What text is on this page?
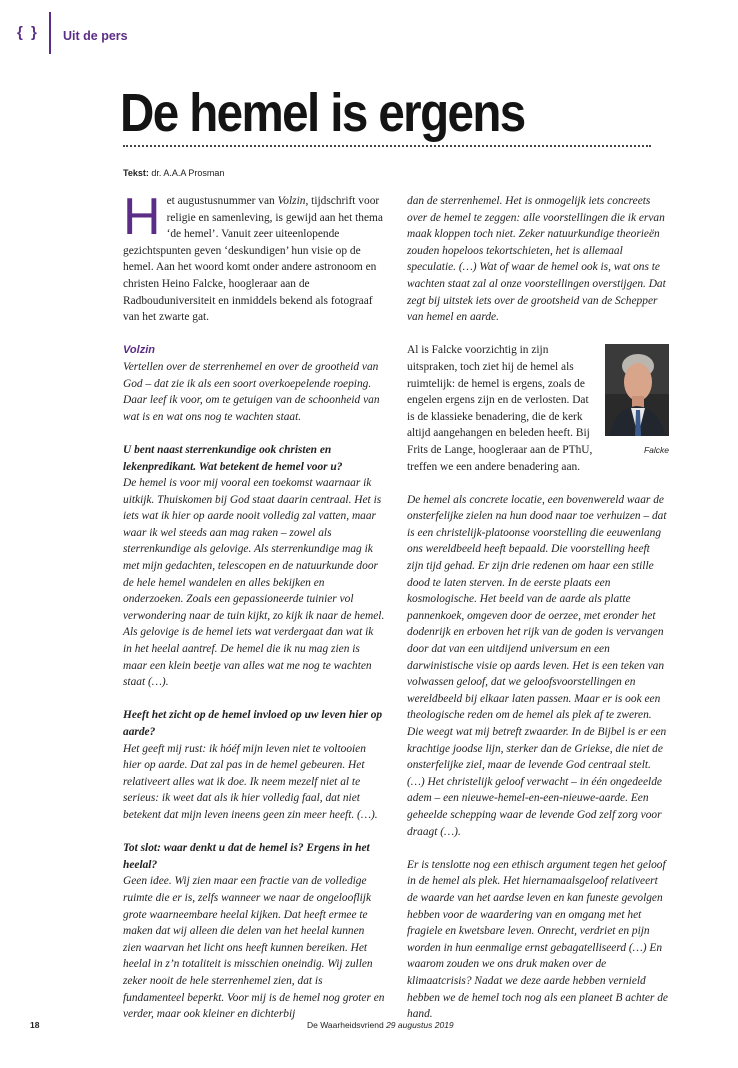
{ } Uit de pers
De hemel is ergens
Tekst: dr. A.A.A Prosman

Het augustusnummer van Volzin, tijdschrift voor religie en samenleving, is gewijd aan het thema ‘de hemel’. Vanuit zeer uiteenlopende gezichtspunten geven ‘deskundigen’ hun visie op de hemel. Aan het woord komt onder andere astronoom en christen Heino Falcke, hoogleraar aan de Radbouduniversiteit en inmiddels bekend als fotograaf van het zwarte gat.

Volzin
Vertellen over de sterrenhemel en over de grootheid van God – dat zie ik als een soort overkoepelende roeping. Daar leef ik voor, om te getuigen van de schoonheid van wat is en wat ons nog te wachten staat.

U bent naast sterrenkundige ook christen en lekenpredikant. Wat betekent de hemel voor u?
De hemel is voor mij vooral een toekomst waarnaar ik uitkijk. Thuiskomen bij God staat daarin centraal. Het is iets wat ik hier op aarde nooit volledig zal vatten, maar waar ik wel steeds aan mag raken – zowel als sterrenkundige als gelovige. Als sterrenkundige mag ik met mijn gedachten, telescopen en de natuurkunde door de hele hemel wandelen en alles bekijken en onderzoeken. Zoals een gepassioneerde tuinier vol verwondering naar de tuin kijkt, zo kijk ik naar de hemel. Als gelovige is de hemel iets wat verdergaat dan wat ik in het heelal aantref. De hemel die ik nu mag zien is maar een klein beetje van alles wat me nog te wachten staat (…).

Heeft het zicht op de hemel invloed op uw leven hier op aarde?
Het geeft mij rust: ik hóéf mijn leven niet te voltooien hier op aarde. Dat zal pas in de hemel gebeuren. Het relativeert alles wat ik doe. Ik neem mezelf niet al te serieus: ik weet dat als ik hier volledig faal, dat niet betekent dat mijn leven ineens geen zin meer heeft. (…).

Tot slot: waar denkt u dat de hemel is? Ergens in het heelal?
Geen idee. Wij zien maar een fractie van de volledige ruimte die er is, zelfs wanneer we naar de ongelooflijk grote waarneembare heelal kijken. Dat heeft ermee te maken dat wij alleen die delen van het heelal kunnen zien waarvan het licht ons heeft kunnen bereiken. Het heelal in z’n totaliteit is misschien oneindig. Wij zullen zeker nooit de hele sterrenhemel zien, dat is fundamenteel beperkt. Voor mij is de hemel nog groter en verder, maar ook kleiner en dichterbij

dan de sterrenhemel. Het is onmogelijk iets concreets over de hemel te zeggen: alle voorstellingen die ik ervan maak kloppen toch niet. Zeker natuurkundige theorieën zouden hopeloos tekortschieten, het is allemaal speculatie. (…) Wat of waar de hemel ook is, wat ons te wachten staat zal al onze voorstellingen overstijgen. Dat zegt bij uitstek iets over de grootsheid van de Schepper van hemel en aarde.

Falcke
Al is Falcke voorzichtig in zijn uitspraken, toch ziet hij de hemel als ruimtelijk: de hemel is ergens, zoals de engelen ergens zijn en de verlosten. Dat is de klassieke benadering, die de kerk altijd aangehangen en beleden heeft. Bij Frits de Lange, hoogleraar aan de PThU, treffen we een andere benadering aan.

De hemel als concrete locatie, een bovenwereld waar de onsterfelijke zielen na hun dood naar toe verhuizen – dat is een christelijk-platoonse voorstelling die eeuwenlang ons wereldbeeld heeft bepaald. Die voorstelling heeft zijn tijd gehad. Er zijn drie redenen om haar een stille dood te laten sterven. In de eerste plaats een kosmologische. Het beeld van de aarde als platte pannenkoek, omgeven door de oerzee, met eronder het dodenrijk en erboven het rijk van de goden is vervangen door dat van een uitdijend universum en een darwinistische visie op aards leven. Het is een teken van volwassen geloof, dat we geloofsvoorstellingen en wereldbeeld bij elkaar laten passen. Maar er is ook een theologische reden om de hemel als plek af te zweren. Die weegt wat mij betreft zwaarder. In de Bijbel is er een krachtige joodse lijn, sterker dan de Griekse, die niet de onsterfelijke ziel, maar de levende God centraal stelt. (…) Het christelijk geloof verwacht – in één ongedeelde adem – een nieuwe-hemel-en-een-nieuwe-aarde. Een geheelde schepping waar de levende God zelf zorg voor draagt (…).

Er is tenslotte nog een ethisch argument tegen het geloof in de hemel als plek. Het hiernamaalsgeloof relativeert de waarde van het aardse leven en kan funeste gevolgen hebben voor de waardering van en omgang met het fragiele en kwetsbare leven. Onrecht, verdriet en pijn worden in hun eenmalige ernst gebagatelliseerd (…) En waarom zouden we ons druk maken over de klimaatcrisis? Nadat we deze aarde hebben vernield hebben we de hemel toch nog als een planeet B achter de hand.

18	De Waarheidsvriend 29 augustus 2019
